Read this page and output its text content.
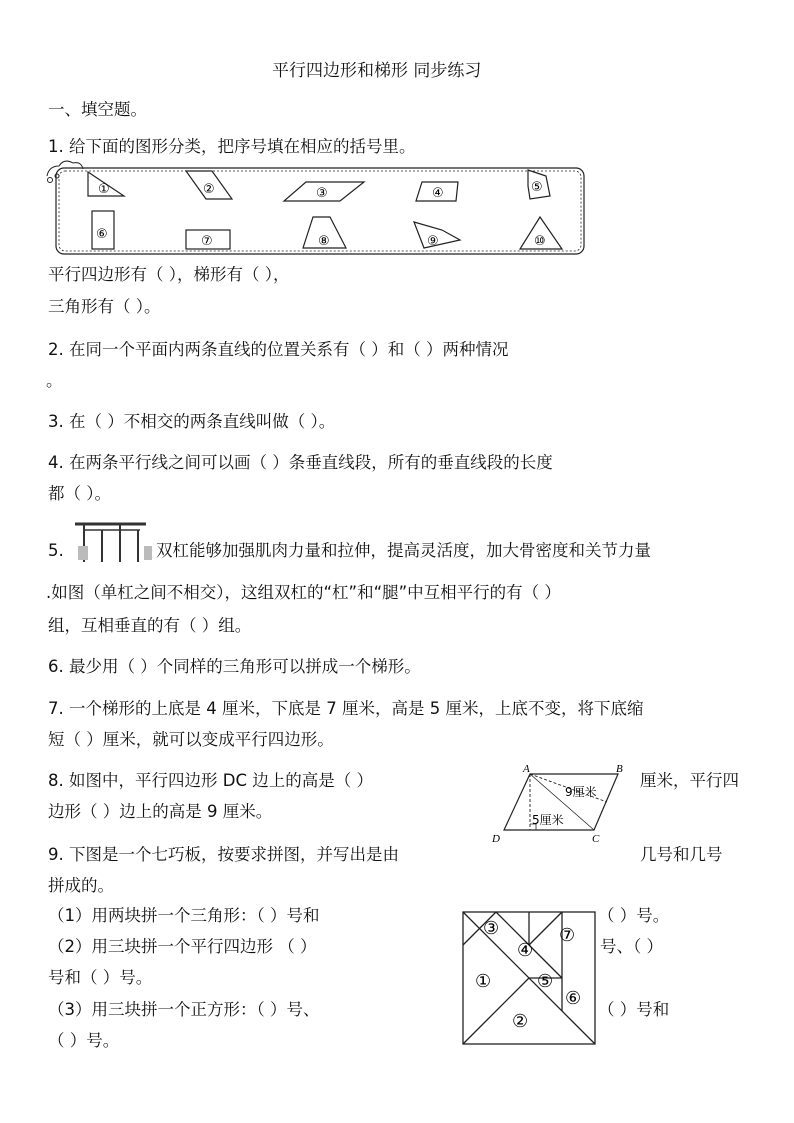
平行四边形和梯形 同步练习
一、填空题。
1. 给下面的图形分类，把序号填在相应的括号里。
①	②	③	④	⑤
⑥	⑦	⑧	⑨	⑩
平行四边形有（ ），梯形有（ ），
三角形有（ ）。
2. 在同一个平面内两条直线的位置关系有（ ）和（ ）两种情况
。
3. 在（ ）不相交的两条直线叫做（ ）。
4. 在两条平行线之间可以画（ ）条垂直线段，所有的垂直线段的长度
都（ ）。
5.	双杠能够加强肌肉力量和拉伸，提高灵活度，加大骨密度和关节力量
.如图（单杠之间不相交），这组双杠的“杠”和“腿”中互相平行的有（ ）
组，互相垂直的有（ ）组。
6. 最少用（ ）个同样的三角形可以拼成一个梯形。
7. 一个梯形的上底是 4 厘米，下底是 7 厘米，高是 5 厘米，上底不变，将下底缩
短（ ）厘米，就可以变成平行四边形。
8. 如图中，平行四边形 DC 边上的高是（ ）
A	B
C
D
9厘米
5厘米
厘米，平行四
边形（ ）边上的高是 9 厘米。
9. 下图是一个七巧板，按要求拼图，并写出是由	几号和几号
拼成的。
（1）用两块拼一个三角形：（ ）号和	（ ）号。
（2）用三块拼一个平行四边形 （ ）	号、（ ）
号和（ ）号。
（3）用三块拼一个正方形：（ ）号、	（ ）号和
（ ）号。
①
②
③
④
⑤
⑥
⑦
